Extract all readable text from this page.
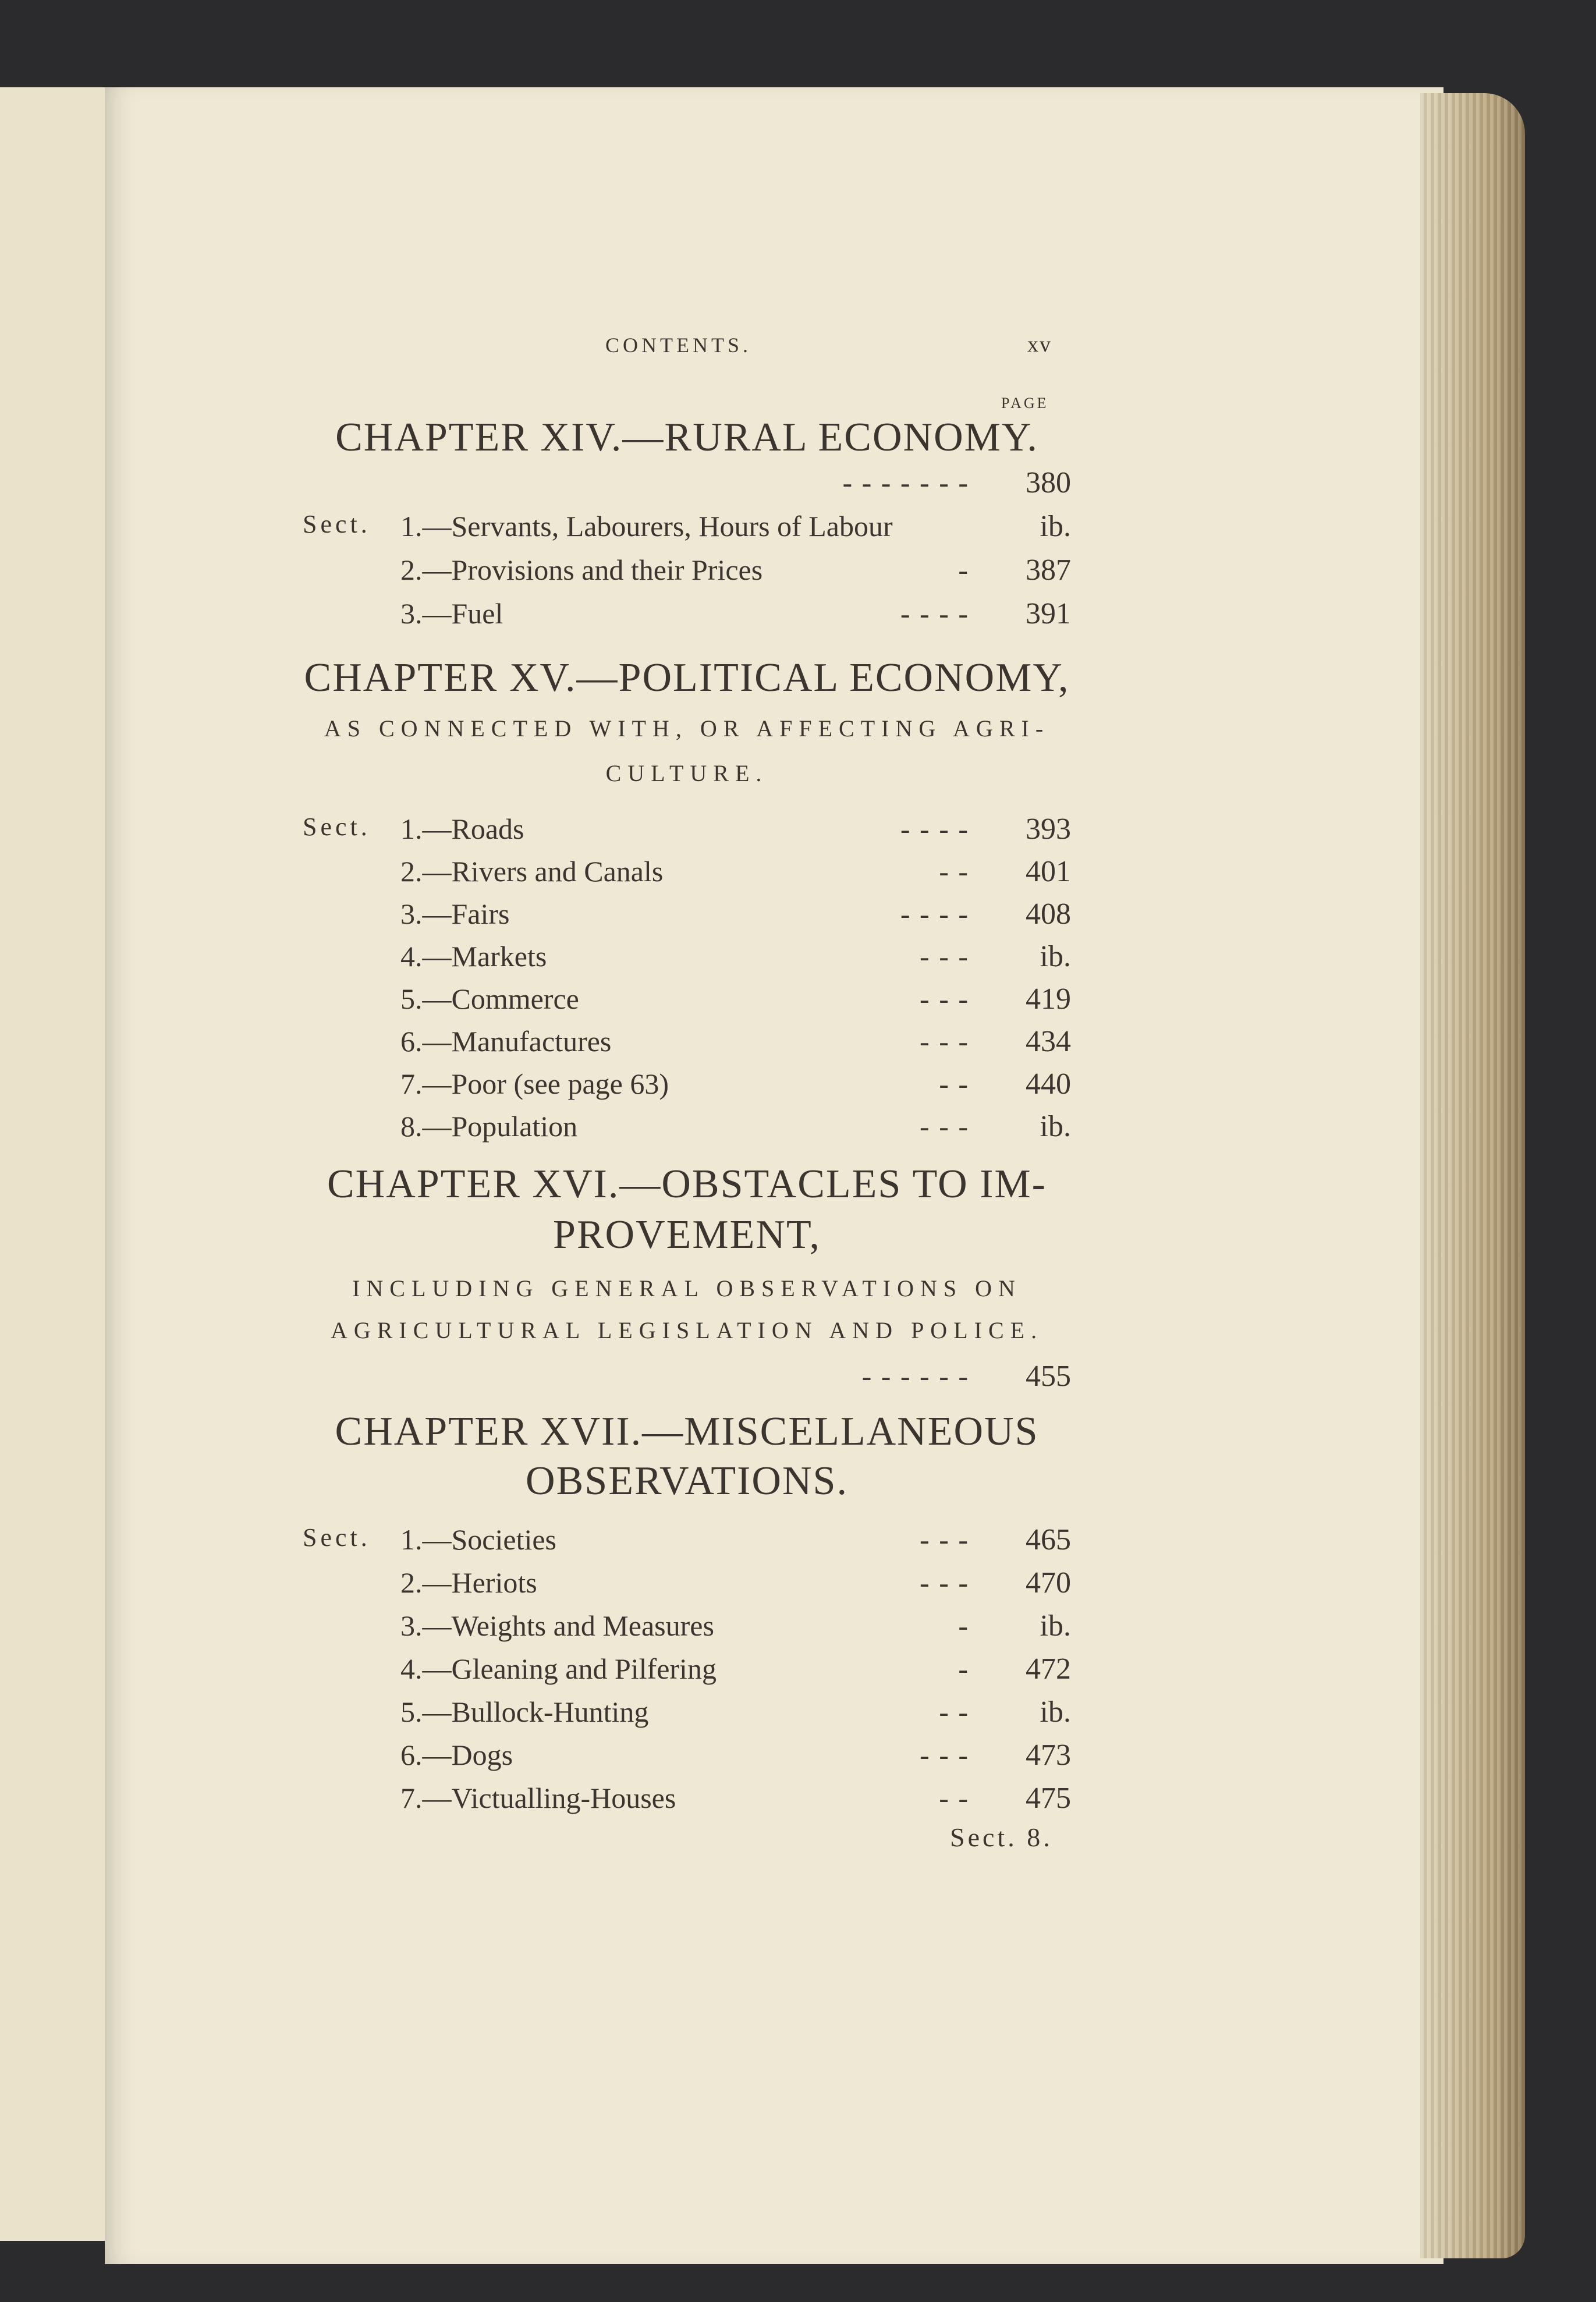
CONTENTS.	xv
PAGE
CHAPTER XIV.—RURAL ECONOMY.
- - - - - - -	380
Sect. 1.—Servants, Labourers, Hours of Labour	ib.
2.—Provisions and their Prices	-	387
3.—Fuel	- - - -	391
CHAPTER XV.—POLITICAL ECONOMY,
AS CONNECTED WITH, OR AFFECTING AGRI-
CULTURE.
Sect. 1.—Roads	- - - -	393
2.—Rivers and Canals	- -	401
3.—Fairs	- - - -	408
4.—Markets	- - -	ib.
5.—Commerce	- - -	419
6.—Manufactures	- - -	434
7.—Poor (see page 63)	- -	440
8.—Population	- - -	ib.
CHAPTER XVI.—OBSTACLES TO IM-
PROVEMENT,
INCLUDING GENERAL OBSERVATIONS ON
AGRICULTURAL LEGISLATION AND POLICE.
- - - - - -	455
CHAPTER XVII.—MISCELLANEOUS
OBSERVATIONS.
Sect. 1.—Societies	- - -	465
2.—Heriots	- - -	470
3.—Weights and Measures	-	ib.
4.—Gleaning and Pilfering	-	472
5.—Bullock-Hunting	- -	ib.
6.—Dogs	- - -	473
7.—Victualling-Houses	- -	475
Sect. 8.
